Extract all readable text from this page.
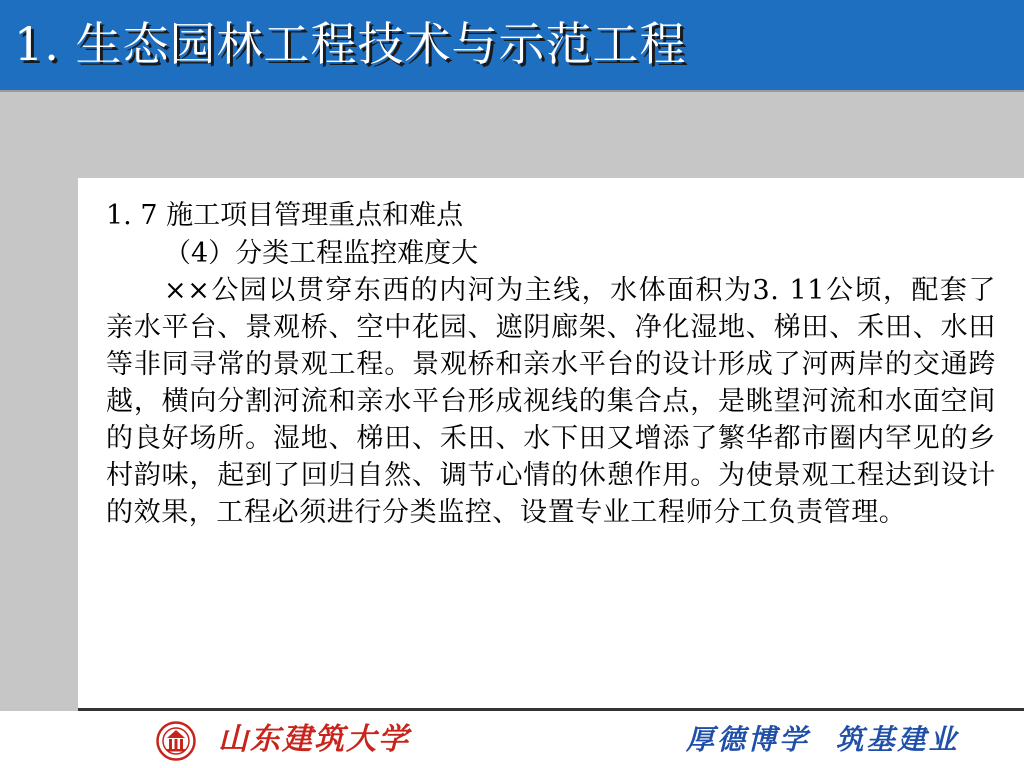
1. 生态园林工程技术与示范工程
1. 7 施工项目管理重点和难点
（4）分类工程监控难度大

××公园以贯穿东西的内河为主线，水体面积为3. 11公顷，配套了亲水平台、景观桥、空中花园、遮阴廊架、净化湿地、梯田、禾田、水田等非同寻常的景观工程。景观桥和亲水平台的设计形成了河两岸的交通跨越，横向分割河流和亲水平台形成视线的集合点，是眺望河流和水面空间的良好场所。湿地、梯田、禾田、水下田又增添了繁华都市圈内罕见的乡村韵味，起到了回归自然、调节心情的休憩作用。为使景观工程达到设计的效果，工程必须进行分类监控、设置专业工程师分工负责管理。

山东建筑大学	厚德博学  筑基建业
